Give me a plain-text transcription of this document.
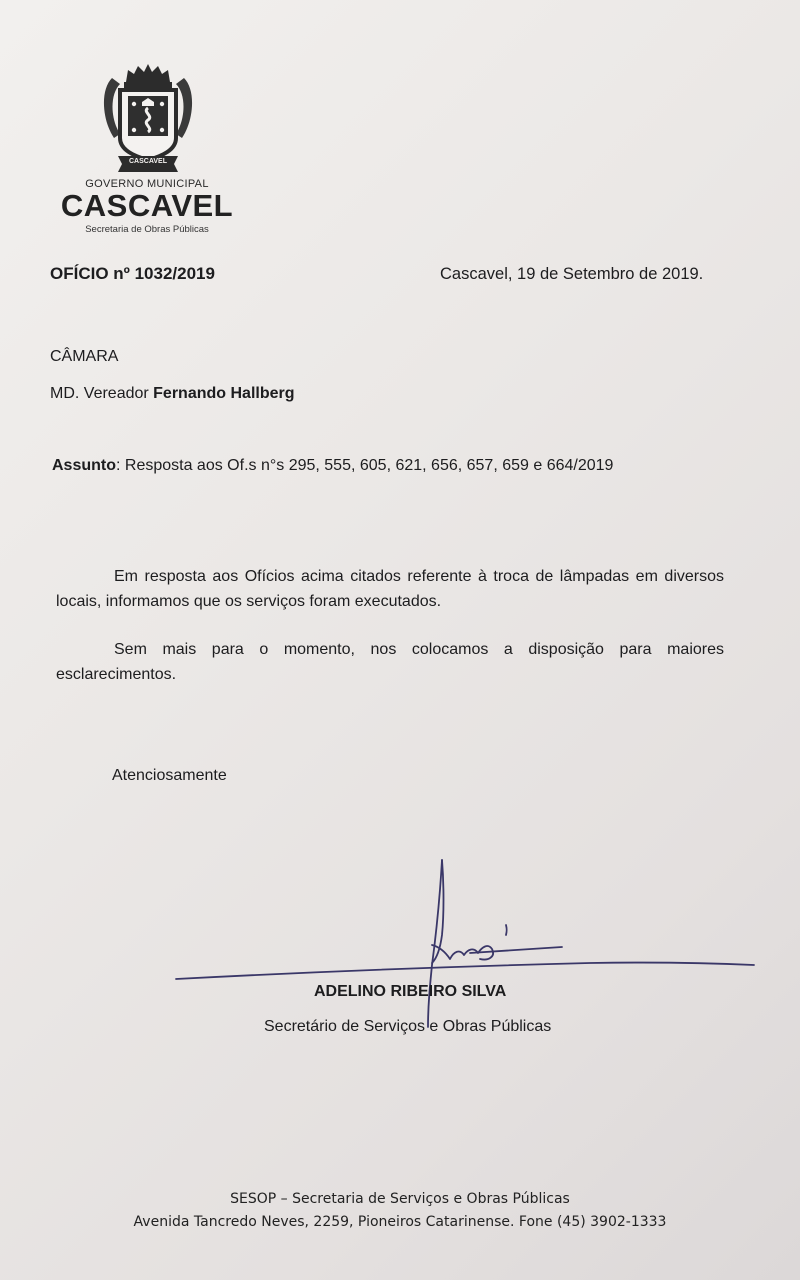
CASCAVEL
GOVERNO MUNICIPAL
CASCAVEL
Secretaria de Obras Públicas
OFÍCIO nº 1032/2019	Cascavel, 19 de Setembro de 2019.
CÂMARA
MD. Vereador Fernando Hallberg
Assunto: Resposta aos Of.s n°s 295, 555, 605, 621, 656, 657, 659 e 664/2019
Em resposta aos Ofícios acima citados referente à troca de lâmpadas em diversos locais, informamos que os serviços foram executados.
Sem mais para o momento, nos colocamos a disposição para maiores esclarecimentos.
Atenciosamente
ADELINO RIBEIRO SILVA
Secretário de Serviços e Obras Públicas
SESOP – Secretaria de Serviços e Obras Públicas
Avenida Tancredo Neves, 2259, Pioneiros Catarinense. Fone (45) 3902-1333
